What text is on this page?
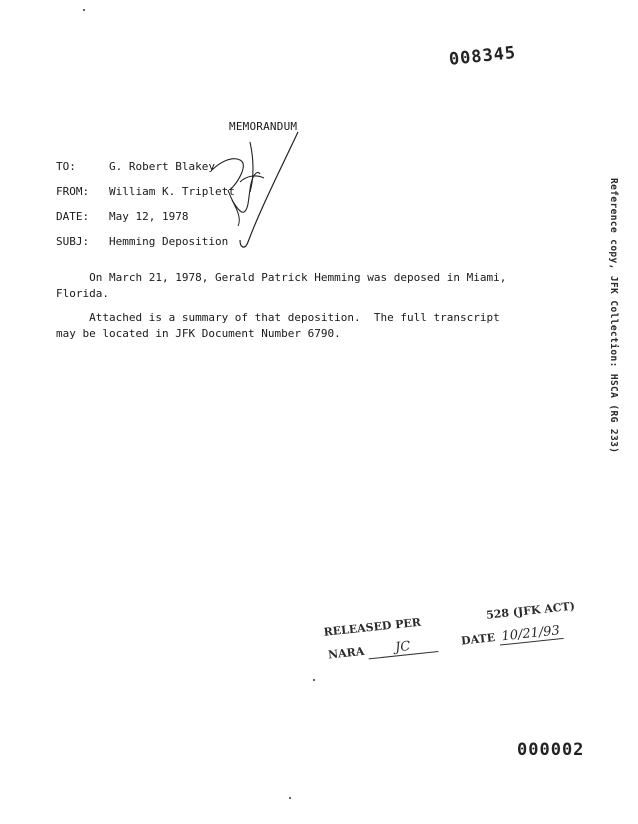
008345
MEMORANDUM
TO:	G. Robert Blakey
FROM: William K. Triplett
DATE: May 12, 1978
SUBJ: Hemming Deposition
On March 21, 1978, Gerald Patrick Hemming was deposed in Miami,
Florida.
Attached is a summary of that deposition.  The full transcript
may be located in JFK Document Number 6790.	Reference copy, JFK Collection: HSCA (RG 233)
RELEASED PER  528 (JFK ACT)
NARA JC	DATE 10/21/93
000002
